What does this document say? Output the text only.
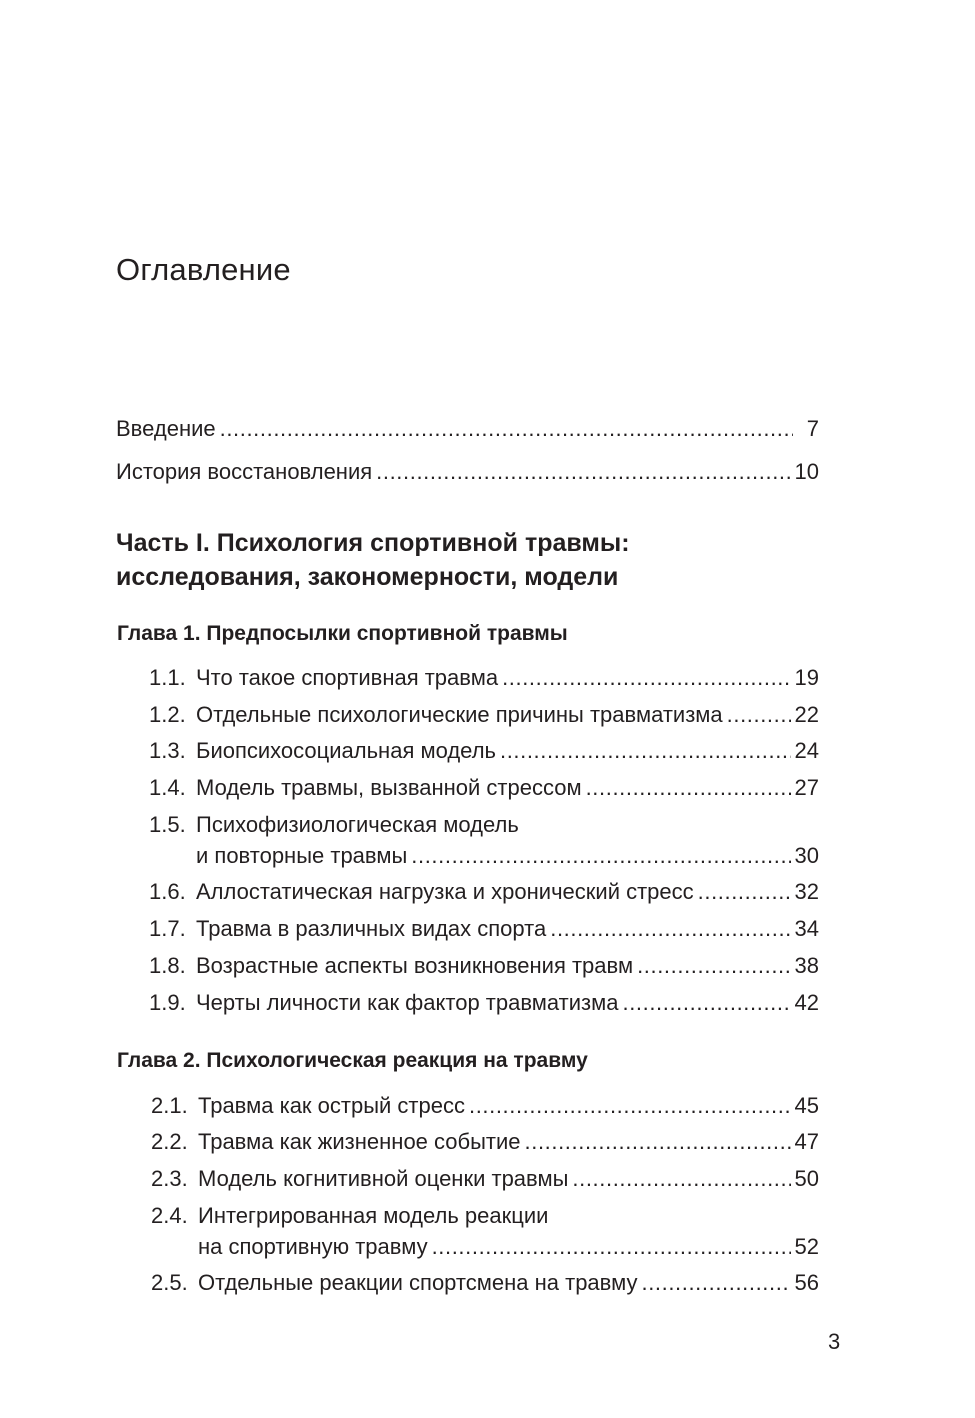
Оглавление
Введение .....	7
История восстановления .....	10
Часть I. Психология спортивной травмы:
исследования, закономерности, модели
Глава 1. Предпосылки спортивной травмы
1.1. Что такое спортивная травма .....	19
1.2. Отдельные психологические причины травматизма .....	22
1.3. Биопсихосоциальная модель .....	24
1.4. Модель травмы, вызванной стрессом .....	27
1.5. Психофизиологическая модель
и повторные травмы .....	30
1.6. Аллостатическая нагрузка и хронический стресс .....	32
1.7. Травма в различных видах спорта .....	34
1.8. Возрастные аспекты возникновения травм .....	38
1.9. Черты личности как фактор травматизма .....	42
Глава 2. Психологическая реакция на травму
2.1. Травма как острый стресс .....	45
2.2. Травма как жизненное событие .....	47
2.3. Модель когнитивной оценки травмы .....	50
2.4. Интегрированная модель реакции
на спортивную травму .....	52
2.5. Отдельные реакции спортсмена на травму .....	56
3
